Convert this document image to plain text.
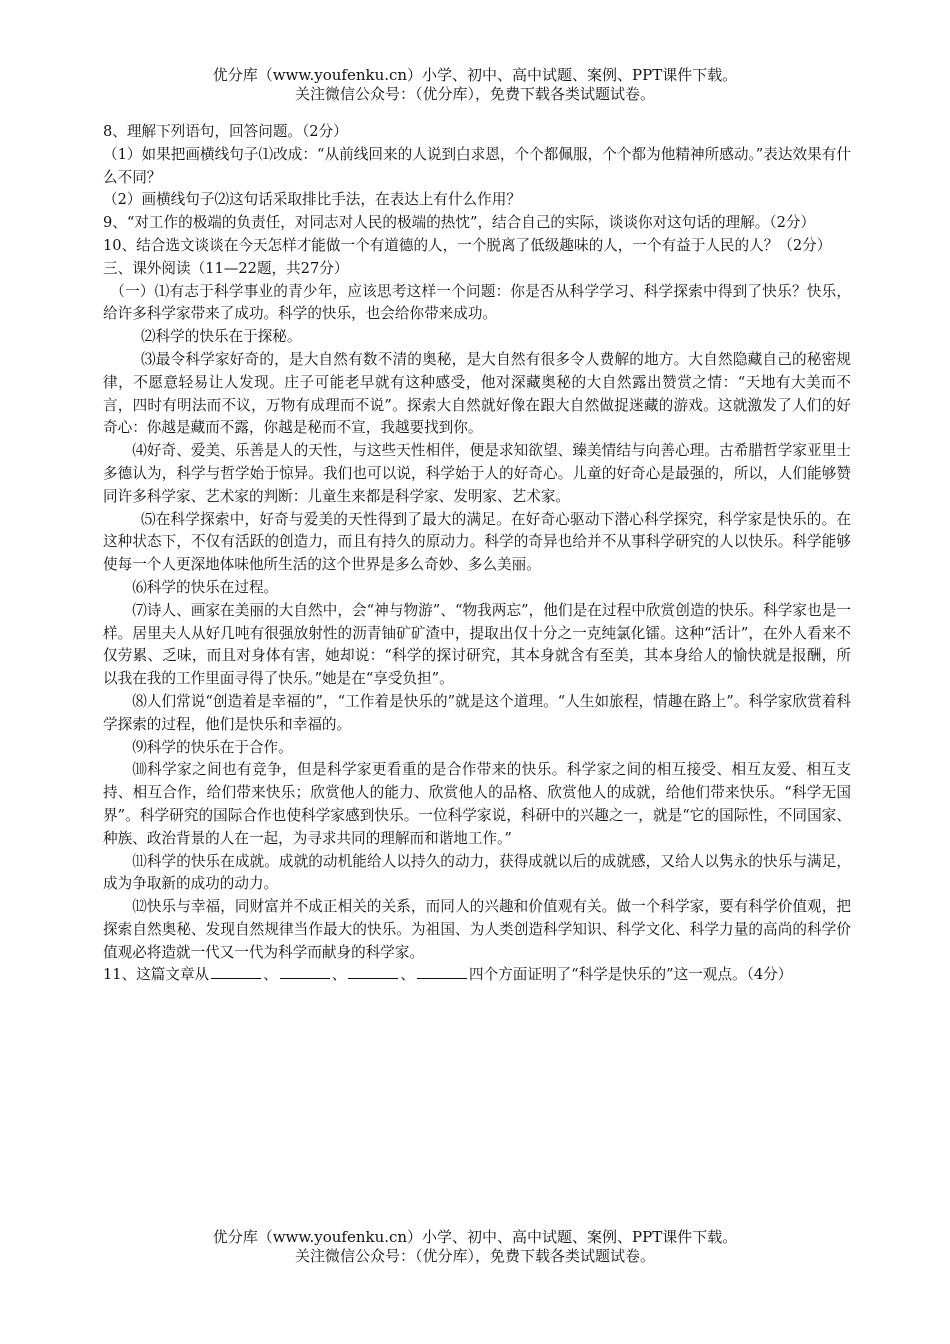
优分库（www.youfenku.cn）小学、初中、高中试题、案例、PPT课件下载。
关注微信公众号：（优分库），免费下载各类试题试卷。

8、理解下列语句，回答问题。（2分）

（1）如果把画横线句子⑴改成：“从前线回来的人说到白求恩，个个都佩服，个个都为他精神所感动。”表达效果有什么不同？

（2）画横线句子⑵这句话采取排比手法，在表达上有什么作用？

9、“对工作的极端的负责任，对同志对人民的极端的热忱”，结合自己的实际，谈谈你对这句话的理解。（2分）

10、结合选文谈谈在今天怎样才能做一个有道德的人，一个脱离了低级趣味的人，一个有益于人民的人？（2分）

三、课外阅读（11—22题，共27分）

（一）⑴有志于科学事业的青少年，应该思考这样一个问题：你是否从科学学习、科学探索中得到了快乐？快乐，给许多科学家带来了成功。科学的快乐，也会给你带来成功。

⑵科学的快乐在于探秘。

⑶最令科学家好奇的，是大自然有数不清的奥秘，是大自然有很多令人费解的地方。大自然隐藏自己的秘密规律，不愿意轻易让人发现。庄子可能老早就有这种感受，他对深藏奥秘的大自然露出赞赏之情：“天地有大美而不言，四时有明法而不议，万物有成理而不说”。探索大自然就好像在跟大自然做捉迷藏的游戏。这就激发了人们的好奇心：你越是藏而不露，你越是秘而不宣，我越要找到你。

⑷好奇、爱美、乐善是人的天性，与这些天性相伴，便是求知欲望、臻美情结与向善心理。古希腊哲学家亚里士多德认为，科学与哲学始于惊异。我们也可以说，科学始于人的好奇心。儿童的好奇心是最强的，所以，人们能够赞同许多科学家、艺术家的判断：儿童生来都是科学家、发明家、艺术家。

⑸在科学探索中，好奇与爱美的天性得到了最大的满足。在好奇心驱动下潜心科学探究，科学家是快乐的。在这种状态下，不仅有活跃的创造力，而且有持久的原动力。科学的奇异也给并不从事科学研究的人以快乐。科学能够使每一个人更深地体味他所生活的这个世界是多么奇妙、多么美丽。

⑹科学的快乐在过程。

⑺诗人、画家在美丽的大自然中，会“神与物游”、“物我两忘”，他们是在过程中欣赏创造的快乐。科学家也是一样。居里夫人从好几吨有很强放射性的沥青铀矿矿渣中，提取出仅十分之一克纯氯化镭。这种“活计”，在外人看来不仅劳累、乏味，而且对身体有害，她却说：“科学的探讨研究，其本身就含有至美，其本身给人的愉快就是报酬，所以我在我的工作里面寻得了快乐。”她是在“享受负担”。

⑻人们常说“创造着是幸福的”，“工作着是快乐的”就是这个道理。“人生如旅程，情趣在路上”。科学家欣赏着科学探索的过程，他们是快乐和幸福的。

⑼科学的快乐在于合作。

⑽科学家之间也有竞争，但是科学家更看重的是合作带来的快乐。科学家之间的相互接受、相互友爱、相互支持、相互合作，给们带来快乐；欣赏他人的能力、欣赏他人的品格、欣赏他人的成就，给他们带来快乐。“科学无国界”。科学研究的国际合作也使科学家感到快乐。一位科学家说，科研中的兴趣之一，就是“它的国际性，不同国家、种族、政治背景的人在一起，为寻求共同的理解而和谐地工作。”

⑾科学的快乐在成就。成就的动机能给人以持久的动力，获得成就以后的成就感，又给人以隽永的快乐与满足，成为争取新的成功的动力。

⑿快乐与幸福，同财富并不成正相关的关系，而同人的兴趣和价值观有关。做一个科学家，要有科学价值观，把探索自然奥秘、发现自然规律当作最大的快乐。为祖国、为人类创造科学知识、科学文化、科学力量的高尚的科学价值观必将造就一代又一代为科学而献身的科学家。

11、这篇文章从	、	、	、	四个方面证明了“科学是快乐的”这一观点。（4分）

优分库（www.youfenku.cn）小学、初中、高中试题、案例、PPT课件下载。
关注微信公众号：（优分库），免费下载各类试题试卷。
